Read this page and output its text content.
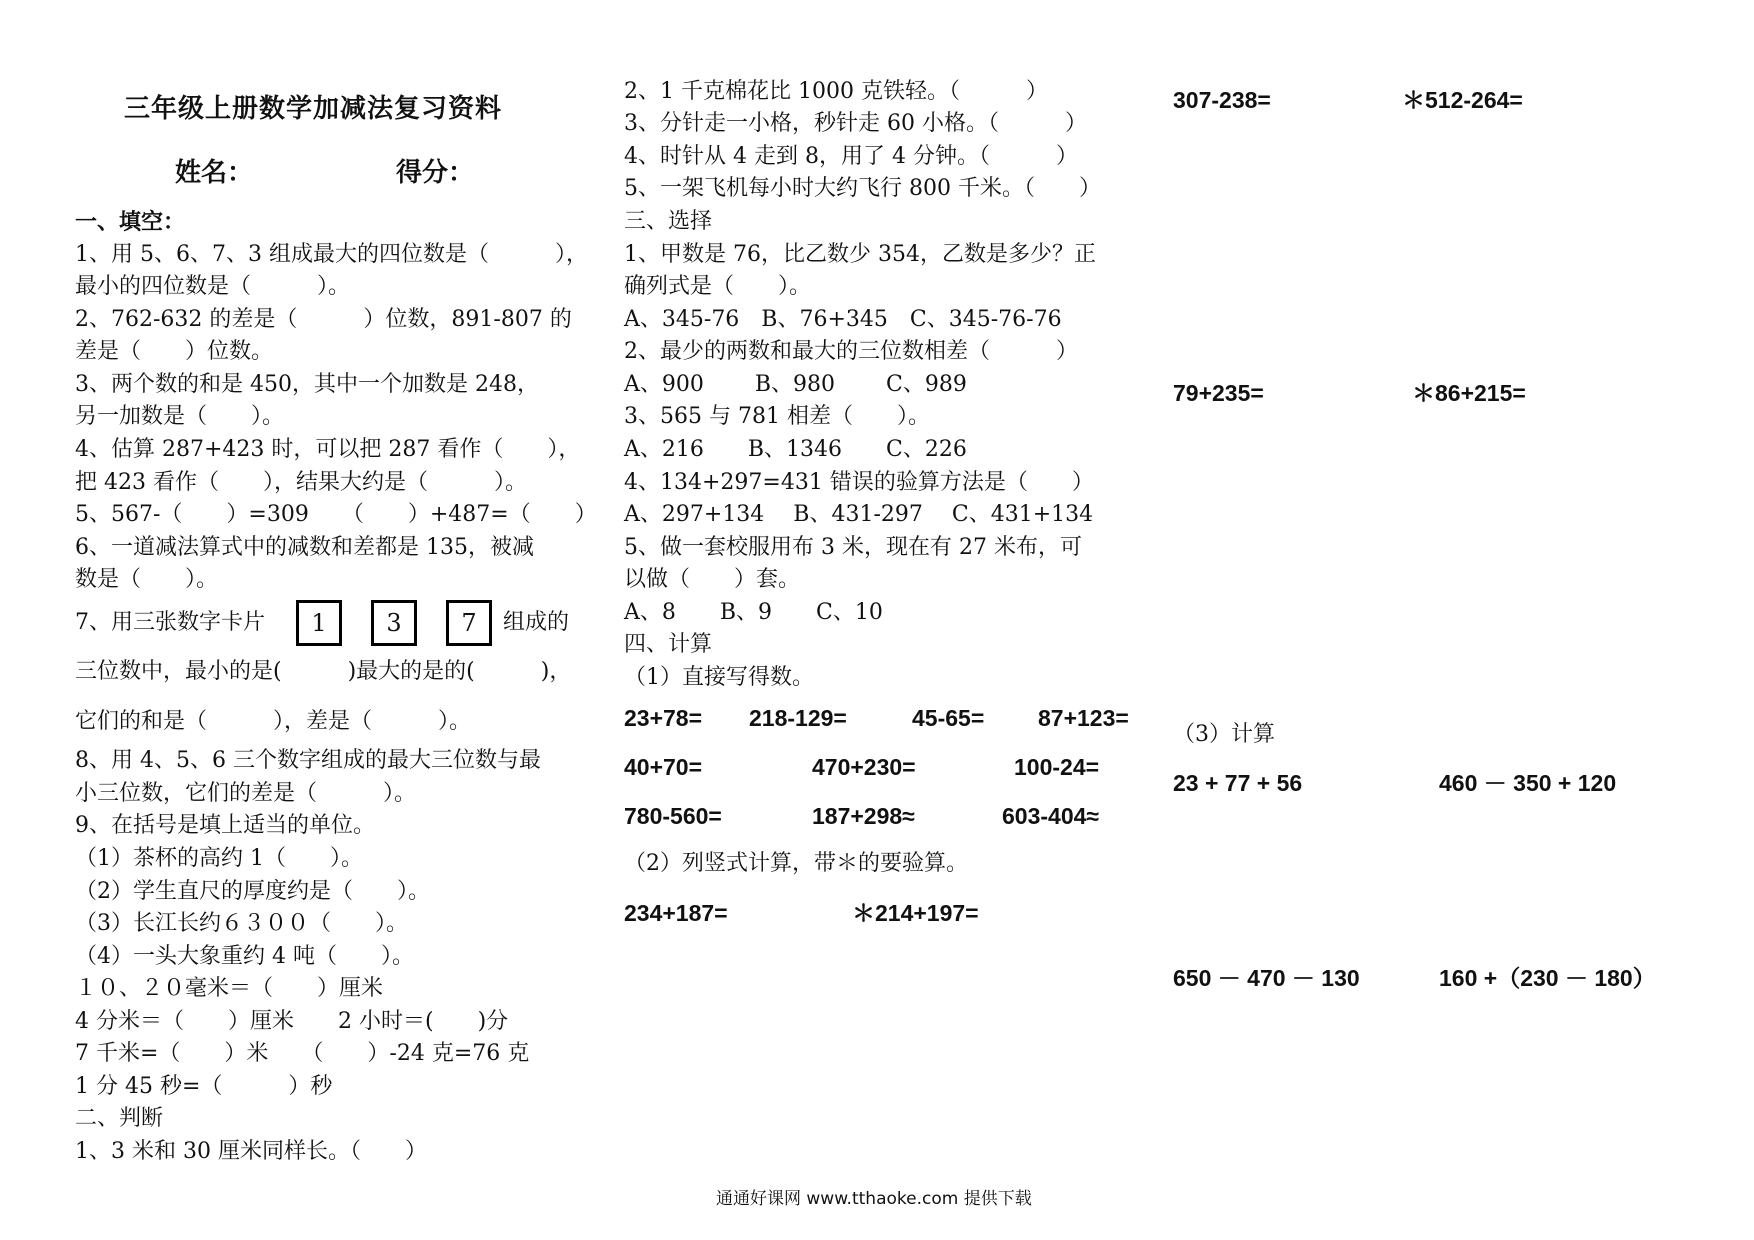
三年级上册数学加减法复习资料
姓名：	得分：
一、填空：
1、用 5、6、7、3 组成最大的四位数是（　　　），
最小的四位数是（　　　）。
2、762-632 的差是（　　　）位数，891-807 的
差是（　　）位数。
3、两个数的和是 450，其中一个加数是 248，
另一加数是（　　）。
4、估算 287+423 时，可以把 287 看作（　　），
把 423 看作（　　），结果大约是（　　　）。
5、567-（　　）=309　　（　　）+487=（　　）
6、一道减法算式中的减数和差都是 135，被减
数是（　　）。
7、用三张数字卡片	1	3	7	组成的
三位数中，最小的是(　　　)最大的是的(　　　)，
它们的和是（　　　），差是（　　　）。
8、用 4、5、6 三个数字组成的最大三位数与最
小三位数，它们的差是（　　　）。
9、在括号是填上适当的单位。
（1）茶杯的高约 1（　　）。
（2）学生直尺的厚度约是（　　）。
（3）长江长约６３００（　　）。
（4）一头大象重约 4 吨（　　）。
１０、２０毫米＝（　　）厘米
4 分米＝（　　）厘米　　2 小时＝(　　)分
7 千米=（　　）米　　（　　）-24 克=76 克
1 分 45 秒=（　　　）秒
二、判断
1、3 米和 30 厘米同样长。（　　）
2、1 千克棉花比 1000 克铁轻。（　　　）
3、分针走一小格，秒针走 60 小格。（　　　）
4、时针从 4 走到 8，用了 4 分钟。（　　　）
5、一架飞机每小时大约飞行 800 千米。（　　）
三、选择
1、甲数是 76，比乙数少 354，乙数是多少？正
确列式是（　　）。
A、345-76　B、76+345　C、345-76-76
2、最少的两数和最大的三位数相差（　　　）
A、900　　 B、980　　 C、989
3、565 与 781 相差（　　）。
A、216　　B、1346　　C、226
4、134+297=431 错误的验算方法是（　　）
A、297+134　 B、431-297　 C、431+134
5、做一套校服用布 3 米，现在有 27 米布，可
以做（　　）套。
A、8　　B、9　　C、10
四、计算
（1）直接写得数。
23+78= 218-129=	45-65= 87+123=
40+70=	470+230=	100-24=
780-560=	187+298≈	603-404≈
（2）列竖式计算，带＊的要验算。
234+187=	＊214+197=
307-238=	＊512-264=
79+235=	＊86+215=
（3）计算
23 + 77 + 56	460 － 350 + 120
650 － 470 － 130	160 +（230 － 180）
通通好课网 www.tthaoke.com 提供下载
